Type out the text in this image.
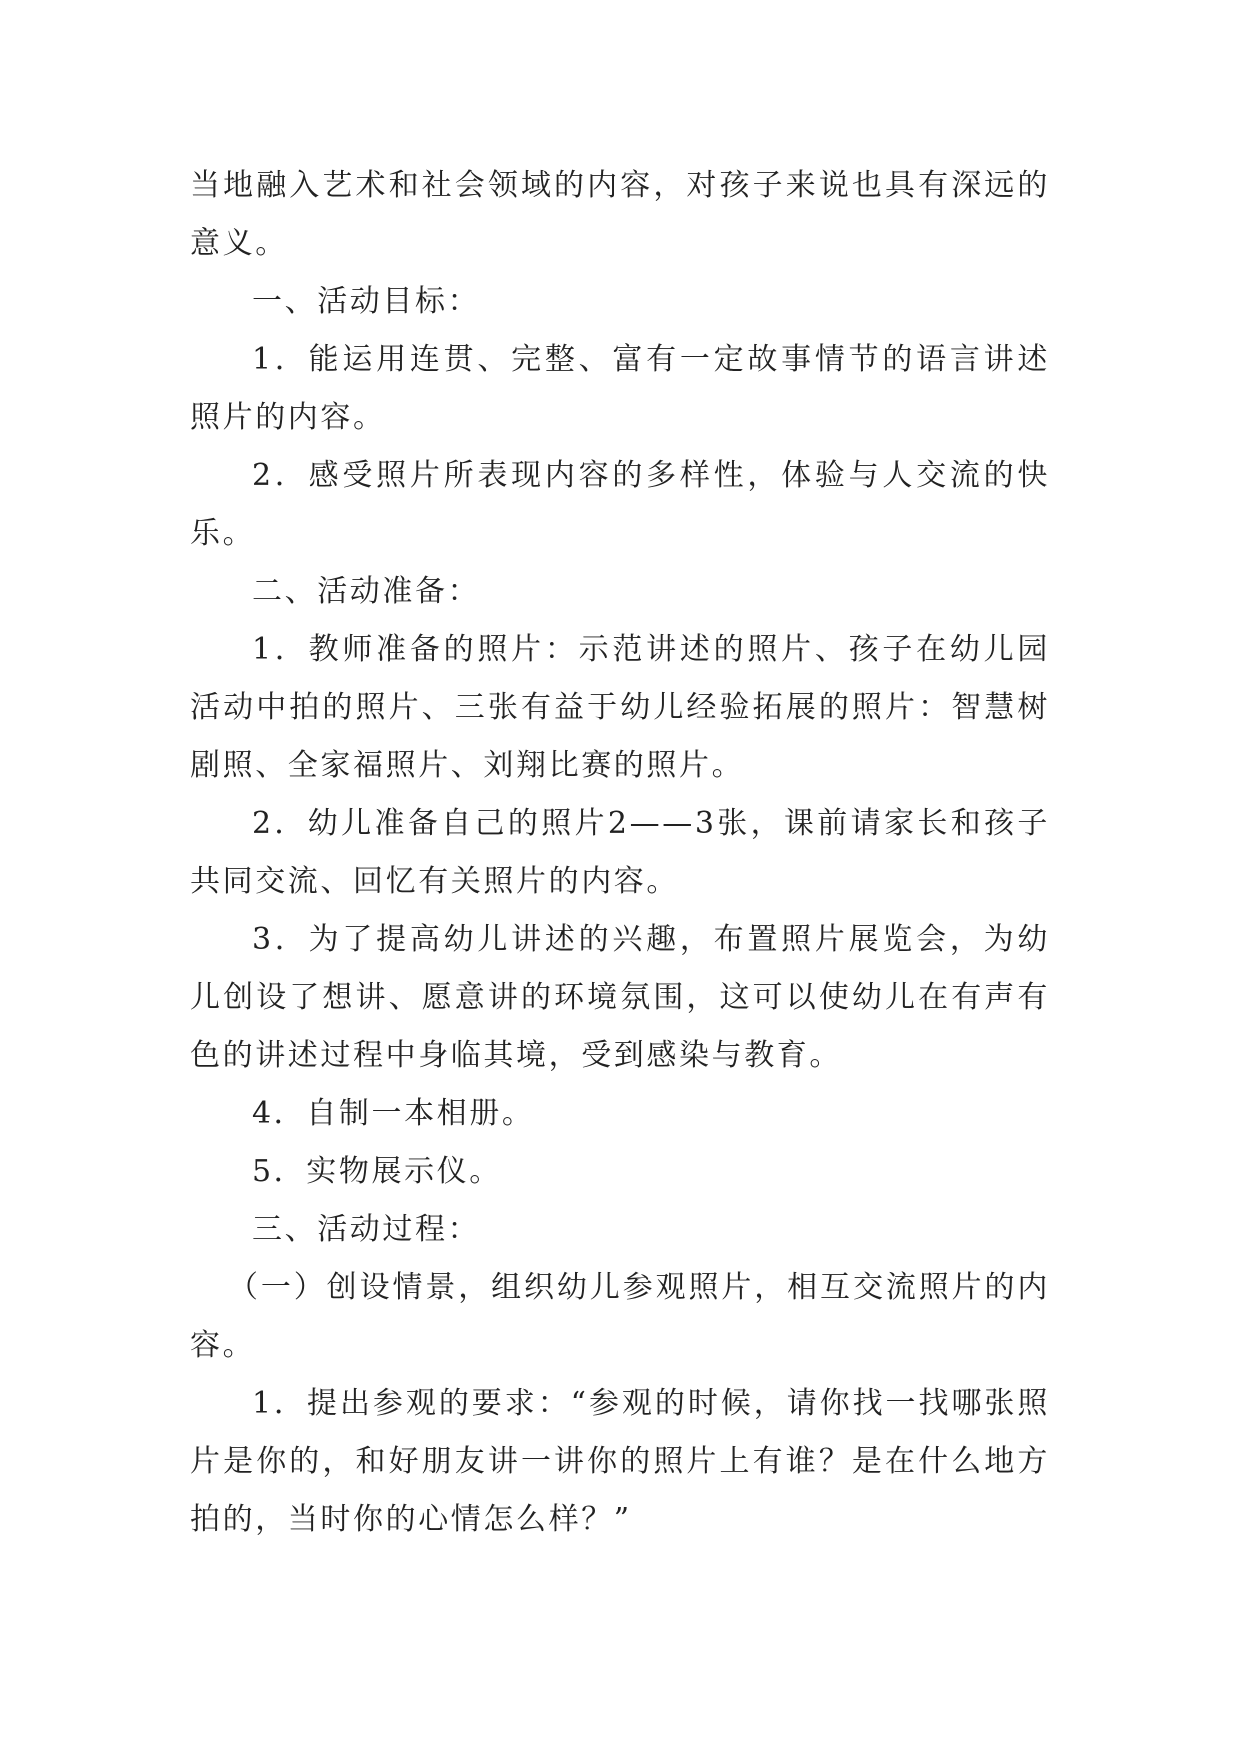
当地融入艺术和社会领域的内容，对孩子来说也具有深远的意义。

一、活动目标：

1．能运用连贯、完整、富有一定故事情节的语言讲述照片的内容。

2．感受照片所表现内容的多样性，体验与人交流的快乐。

二、活动准备：

1．教师准备的照片：示范讲述的照片、孩子在幼儿园活动中拍的照片、三张有益于幼儿经验拓展的照片：智慧树剧照、全家福照片、刘翔比赛的照片。

2．幼儿准备自己的照片2——3张，课前请家长和孩子共同交流、回忆有关照片的内容。

3．为了提高幼儿讲述的兴趣，布置照片展览会，为幼儿创设了想讲、愿意讲的环境氛围，这可以使幼儿在有声有色的讲述过程中身临其境，受到感染与教育。

4．自制一本相册。

5．实物展示仪。

三、活动过程：

（一）创设情景，组织幼儿参观照片，相互交流照片的内容。

1．提出参观的要求：“参观的时候，请你找一找哪张照片是你的，和好朋友讲一讲你的照片上有谁？是在什么地方拍的，当时你的心情怎么样？”
